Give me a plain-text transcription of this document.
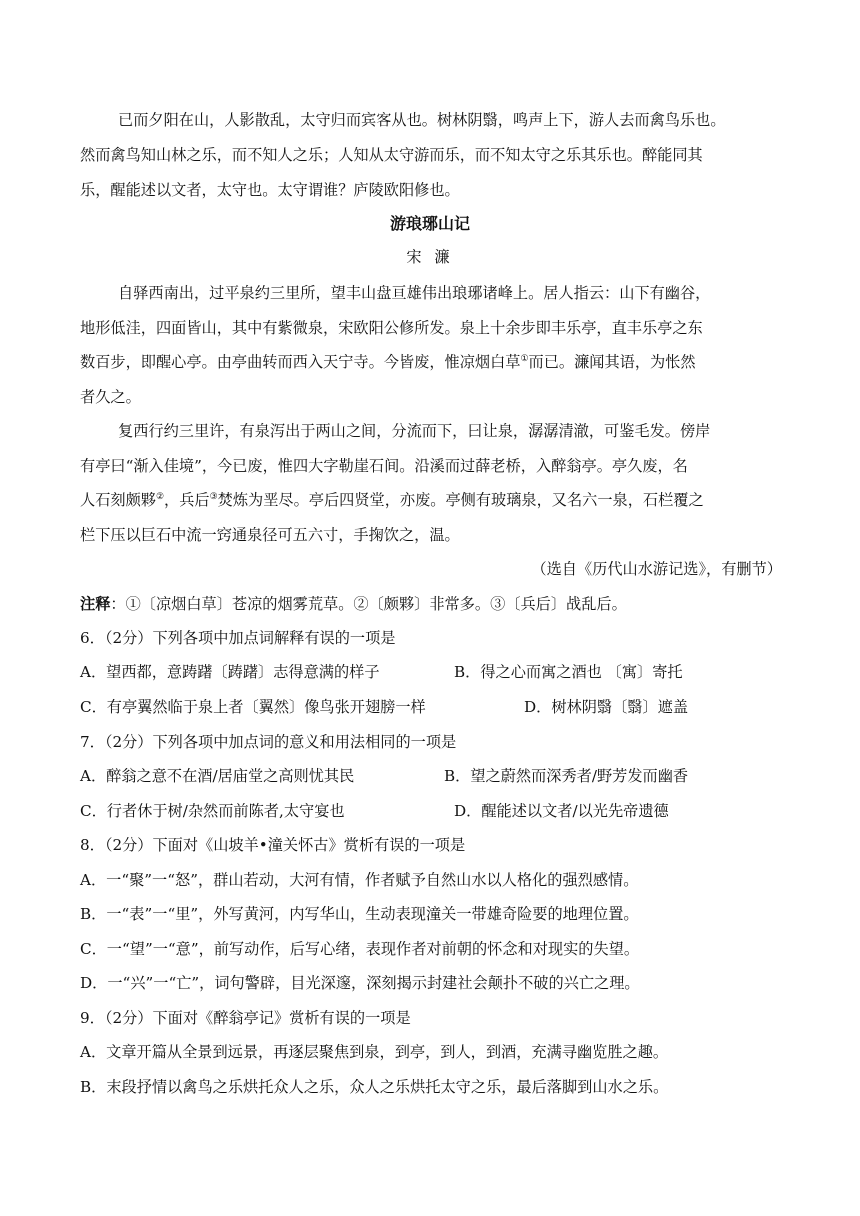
已而夕阳在山，人影散乱，太守归而宾客从也。树林阴翳，鸣声上下，游人去而禽鸟乐也。
然而禽鸟知山林之乐，而不知人之乐；人知从太守游而乐，而不知太守之乐其乐也。醉能同其
乐，醒能述以文者，太守也。太守谓谁？庐陵欧阳修也。
游琅琊山记
宋 濂
自驿西南出，过平泉约三里所，望丰山盘亘雄伟出琅琊诸峰上。居人指云：山下有幽谷，
地形低洼，四面皆山，其中有紫微泉，宋欧阳公修所发。泉上十余步即丰乐亭，直丰乐亭之东
数百步，即醒心亭。由亭曲转而西入天宁寺。今皆废，惟凉烟白草①而已。濂闻其语，为怅然
者久之。
复西行约三里许，有泉泻出于两山之间，分流而下，曰让泉，潺潺清澈，可鉴毛发。傍岸
有亭曰“渐入佳境”，今已废，惟四大字勒崖石间。沿溪而过薛老桥，入醉翁亭。亭久废，名
人石刻颇夥②，兵后③焚炼为垩尽。亭后四贤堂，亦废。亭侧有玻璃泉，又名六一泉，石栏覆之
栏下压以巨石中流一窍通泉径可五六寸，手掬饮之，温。
（选自《历代山水游记选》，有删节）
注释：①〔凉烟白草〕苍凉的烟雾荒草。②〔颇夥〕非常多。③〔兵后〕战乱后。
6．（2分）下列各项中加点词解释有误的一项是
A．望西都，意踌躇〔踌躇〕志得意满的样子	B．得之心而寓之酒也 〔寓〕寄托
C．有亭翼然临于泉上者〔翼然〕像鸟张开翅膀一样	D．树林阴翳〔翳〕遮盖
7．（2分）下列各项中加点词的意义和用法相同的一项是
A．醉翁之意不在酒/居庙堂之高则忧其民	B．望之蔚然而深秀者/野芳发而幽香
C．行者休于树/杂然而前陈者,太守宴也	D．醒能述以文者/以光先帝遗德
8．（2分）下面对《山坡羊•潼关怀古》赏析有误的一项是
A．一“聚”一“怒”，群山若动，大河有情，作者赋予自然山水以人格化的强烈感情。
B．一“表”一“里”，外写黄河，内写华山，生动表现潼关一带雄奇险要的地理位置。
C．一“望”一“意”，前写动作，后写心绪，表现作者对前朝的怀念和对现实的失望。
D．一“兴”一“亡”，词句警辟，目光深邃，深刻揭示封建社会颠扑不破的兴亡之理。
9．（2分）下面对《醉翁亭记》赏析有误的一项是
A．文章开篇从全景到远景，再逐层聚焦到泉，到亭，到人，到酒，充满寻幽览胜之趣。
B．末段抒情以禽鸟之乐烘托众人之乐，众人之乐烘托太守之乐，最后落脚到山水之乐。
